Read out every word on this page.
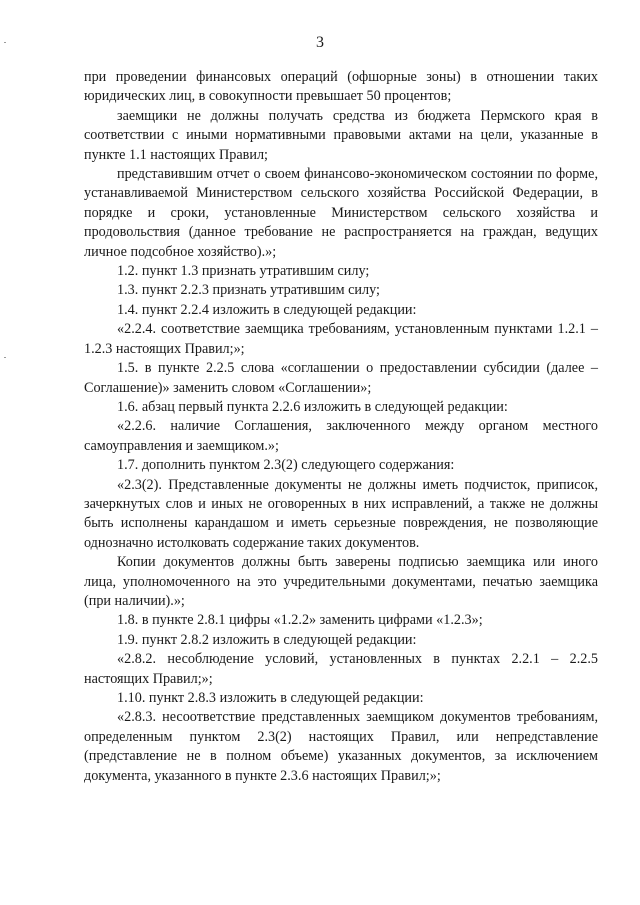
3

при проведении финансовых операций (офшорные зоны) в отношении таких юридических лиц, в совокупности превышает 50 процентов;

заемщики не должны получать средства из бюджета Пермского края в соответствии с иными нормативными правовыми актами на цели, указанные в пункте 1.1 настоящих Правил;

представившим отчет о своем финансово-экономическом состоянии по форме, устанавливаемой Министерством сельского хозяйства Российской Федерации, в порядке и сроки, установленные Министерством сельского хозяйства и продовольствия (данное требование не распространяется на граждан, ведущих личное подсобное хозяйство).»;

1.2. пункт 1.3 признать утратившим силу;

1.3. пункт 2.2.3 признать утратившим силу;

1.4. пункт 2.2.4 изложить в следующей редакции:

«2.2.4. соответствие заемщика требованиям, установленным пунктами 1.2.1 – 1.2.3 настоящих Правил;»;

1.5. в пункте 2.2.5 слова «соглашении о предоставлении субсидии (далее – Соглашение)» заменить словом «Соглашении»;

1.6. абзац первый пункта 2.2.6 изложить в следующей редакции:

«2.2.6. наличие Соглашения, заключенного между органом местного самоуправления и заемщиком.»;

1.7. дополнить пунктом 2.3(2) следующего содержания:

«2.3(2). Представленные документы не должны иметь подчисток, приписок, зачеркнутых слов и иных не оговоренных в них исправлений, а также не должны быть исполнены карандашом и иметь серьезные повреждения, не позволяющие однозначно истолковать содержание таких документов.

Копии документов должны быть заверены подписью заемщика или иного лица, уполномоченного на это учредительными документами, печатью заемщика (при наличии).»;

1.8. в пункте 2.8.1 цифры «1.2.2» заменить цифрами «1.2.3»;

1.9. пункт 2.8.2 изложить в следующей редакции:

«2.8.2. несоблюдение условий, установленных в пунктах 2.2.1 – 2.2.5 настоящих Правил;»;

1.10. пункт 2.8.3 изложить в следующей редакции:

«2.8.3. несоответствие представленных заемщиком документов требованиям, определенным пунктом 2.3(2) настоящих Правил, или непредставление (представление не в полном объеме) указанных документов, за исключением документа, указанного в пункте 2.3.6 настоящих Правил;»;
